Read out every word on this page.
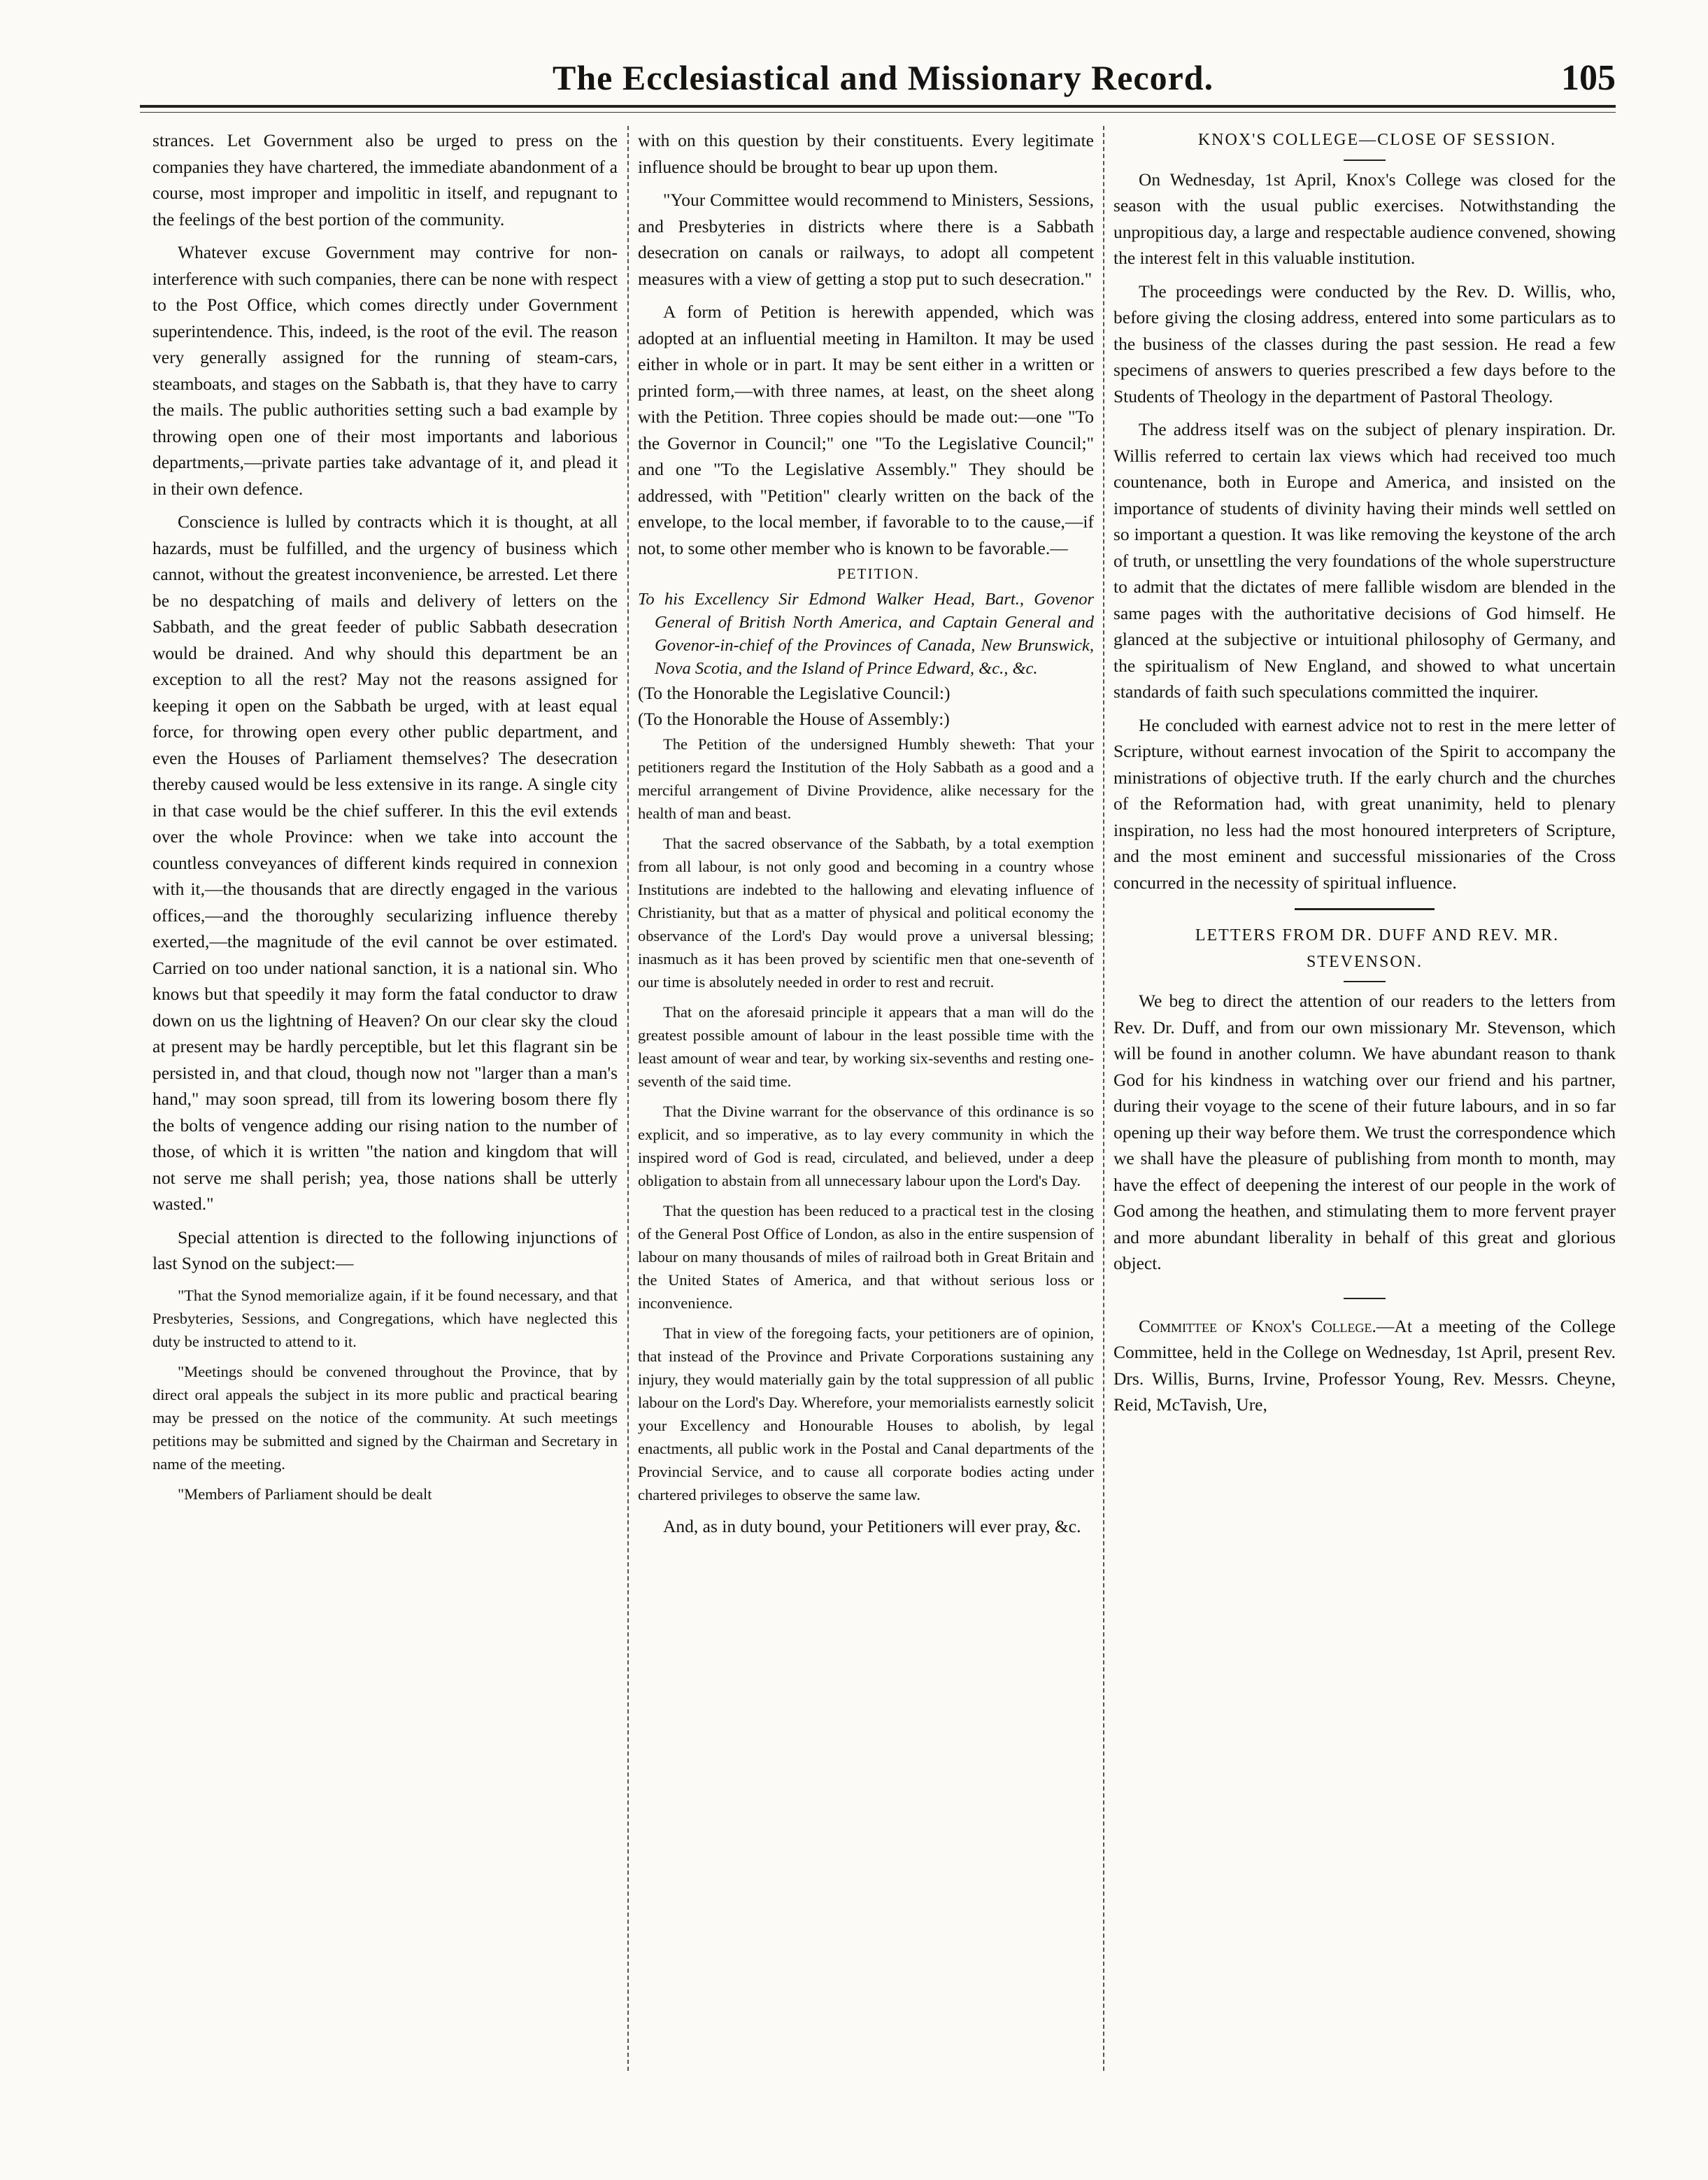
The Ecclesiastical and Missionary Record.	105

strances. Let Government also be urged to press on the companies they have chartered, the immediate abandonment of a course, most improper and impolitic in itself, and repugnant to the feelings of the best portion of the community.

Whatever excuse Government may contrive for non-interference with such companies, there can be none with respect to the Post Office, which comes directly under Government superintendence. This, indeed, is the root of the evil. The reason very generally assigned for the running of steam-cars, steamboats, and stages on the Sabbath is, that they have to carry the mails. The public authorities setting such a bad example by throwing open one of their most importants and laborious departments,—private parties take advantage of it, and plead it in their own defence.

Conscience is lulled by contracts which it is thought, at all hazards, must be fulfilled, and the urgency of business which cannot, without the greatest inconvenience, be arrested. Let there be no despatching of mails and delivery of letters on the Sabbath, and the great feeder of public Sabbath desecration would be drained. And why should this department be an exception to all the rest? May not the reasons assigned for keeping it open on the Sabbath be urged, with at least equal force, for throwing open every other public department, and even the Houses of Parliament themselves? The desecration thereby caused would be less extensive in its range. A single city in that case would be the chief sufferer. In this the evil extends over the whole Province: when we take into account the countless conveyances of different kinds required in connexion with it,—the thousands that are directly engaged in the various offices,—and the thoroughly secularizing influence thereby exerted,—the magnitude of the evil cannot be over estimated. Carried on too under national sanction, it is a national sin. Who knows but that speedily it may form the fatal conductor to draw down on us the lightning of Heaven? On our clear sky the cloud at present may be hardly perceptible, but let this flagrant sin be persisted in, and that cloud, though now not "larger than a man's hand," may soon spread, till from its lowering bosom there fly the bolts of vengence adding our rising nation to the number of those, of which it is written "the nation and kingdom that will not serve me shall perish; yea, those nations shall be utterly wasted."

Special attention is directed to the following injunctions of last Synod on the subject:—

"That the Synod memorialize again, if it be found necessary, and that Presbyteries, Sessions, and Congregations, which have neglected this duty be instructed to attend to it.

"Meetings should be convened throughout the Province, that by direct oral appeals the subject in its more public and practical bearing may be pressed on the notice of the community. At such meetings petitions may be submitted and signed by the Chairman and Secretary in name of the meeting.

"Members of Parliament should be dealt

with on this question by their constituents. Every legitimate influence should be brought to bear up upon them.

"Your Committee would recommend to Ministers, Sessions, and Presbyteries in districts where there is a Sabbath desecration on canals or railways, to adopt all competent measures with a view of getting a stop put to such desecration."

A form of Petition is herewith appended, which was adopted at an influential meeting in Hamilton. It may be used either in whole or in part. It may be sent either in a written or printed form,—with three names, at least, on the sheet along with the Petition. Three copies should be made out:—one "To the Governor in Council;" one "To the Legislative Council;" and one "To the Legislative Assembly." They should be addressed, with "Petition" clearly written on the back of the envelope, to the local member, if favorable to to the cause,—if not, to some other member who is known to be favorable.—

PETITION.

To his Excellency Sir Edmond Walker Head, Bart., Govenor General of British North America, and Captain General and Govenor-in-chief of the Provinces of Canada, New Brunswick, Nova Scotia, and the Island of Prince Edward, &c., &c.

(To the Honorable the Legislative Council:)

(To the Honorable the House of Assembly:)

The Petition of the undersigned Humbly sheweth: That your petitioners regard the Institution of the Holy Sabbath as a good and a merciful arrangement of Divine Providence, alike necessary for the health of man and beast.

That the sacred observance of the Sabbath, by a total exemption from all labour, is not only good and becoming in a country whose Institutions are indebted to the hallowing and elevating influence of Christianity, but that as a matter of physical and political economy the observance of the Lord's Day would prove a universal blessing; inasmuch as it has been proved by scientific men that one-seventh of our time is absolutely needed in order to rest and recruit.

That on the aforesaid principle it appears that a man will do the greatest possible amount of labour in the least possible time with the least amount of wear and tear, by working six-sevenths and resting one-seventh of the said time.

That the Divine warrant for the observance of this ordinance is so explicit, and so imperative, as to lay every community in which the inspired word of God is read, circulated, and believed, under a deep obligation to abstain from all unnecessary labour upon the Lord's Day.

That the question has been reduced to a practical test in the closing of the General Post Office of London, as also in the entire suspension of labour on many thousands of miles of railroad both in Great Britain and the United States of America, and that without serious loss or inconvenience.

That in view of the foregoing facts, your petitioners are of opinion, that instead of the Province and Private Corporations sustaining any injury, they would materially gain by the total suppression of all public labour on the Lord's Day. Wherefore, your memorialists earnestly solicit your Excellency and Honourable Houses to abolish, by legal enactments, all public work in the Postal and Canal departments of the Provincial Service, and to cause all corporate bodies acting under chartered privileges to observe the same law.

And, as in duty bound, your Petitioners will ever pray, &c.

KNOX'S COLLEGE—CLOSE OF SESSION.

On Wednesday, 1st April, Knox's College was closed for the season with the usual public exercises. Notwithstanding the unpropitious day, a large and respectable audience convened, showing the interest felt in this valuable institution.

The proceedings were conducted by the Rev. D. Willis, who, before giving the closing address, entered into some particulars as to the business of the classes during the past session. He read a few specimens of answers to queries prescribed a few days before to the Students of Theology in the department of Pastoral Theology.

The address itself was on the subject of plenary inspiration. Dr. Willis referred to certain lax views which had received too much countenance, both in Europe and America, and insisted on the importance of students of divinity having their minds well settled on so important a question. It was like removing the keystone of the arch of truth, or unsettling the very foundations of the whole superstructure to admit that the dictates of mere fallible wisdom are blended in the same pages with the authoritative decisions of God himself. He glanced at the subjective or intuitional philosophy of Germany, and the spiritualism of New England, and showed to what uncertain standards of faith such speculations committed the inquirer.

He concluded with earnest advice not to rest in the mere letter of Scripture, without earnest invocation of the Spirit to accompany the ministrations of objective truth. If the early church and the churches of the Reformation had, with great unanimity, held to plenary inspiration, no less had the most honoured interpreters of Scripture, and the most eminent and successful missionaries of the Cross concurred in the necessity of spiritual influence.

LETTERS FROM DR. DUFF AND REV. MR. STEVENSON.

We beg to direct the attention of our readers to the letters from Rev. Dr. Duff, and from our own missionary Mr. Stevenson, which will be found in another column. We have abundant reason to thank God for his kindness in watching over our friend and his partner, during their voyage to the scene of their future labours, and in so far opening up their way before them. We trust the correspondence which we shall have the pleasure of publishing from month to month, may have the effect of deepening the interest of our people in the work of God among the heathen, and stimulating them to more fervent prayer and more abundant liberality in behalf of this great and glorious object.

Committee of Knox's College.—At a meeting of the College Committee, held in the College on Wednesday, 1st April, present Rev. Drs. Willis, Burns, Irvine, Professor Young, Rev. Messrs. Cheyne, Reid, McTavish, Ure,
